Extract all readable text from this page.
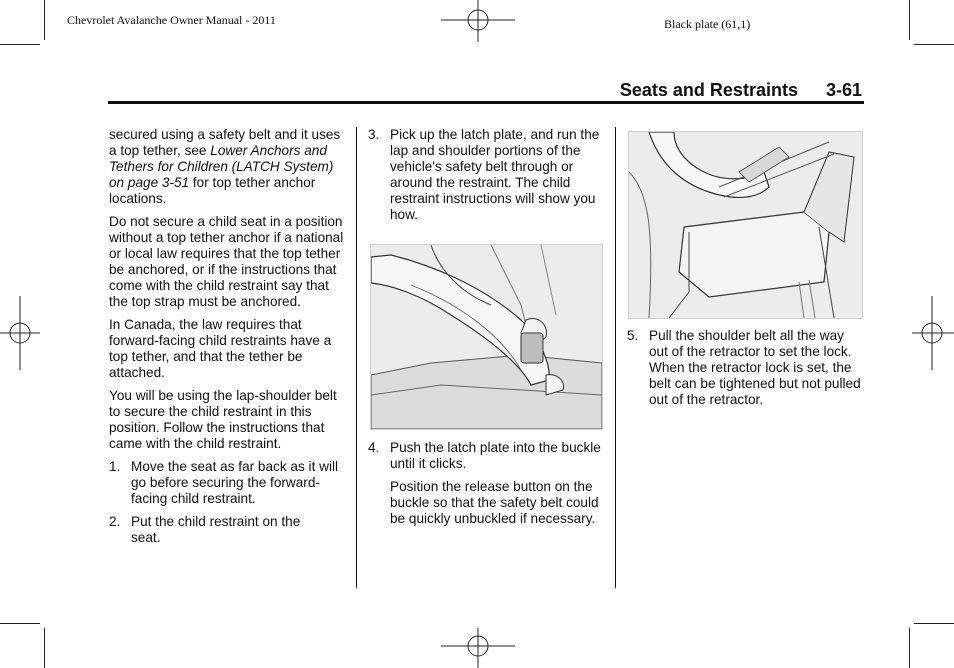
Chevrolet Avalanche Owner Manual - 2011	Black plate (61,1)
Seats and Restraints 3-61

secured using a safety belt and it uses a top tether, see Lower Anchors and Tethers for Children (LATCH System) on page 3-51 for top tether anchor locations.

Do not secure a child seat in a position without a top tether anchor if a national or local law requires that the top tether be anchored, or if the instructions that come with the child restraint say that the top strap must be anchored.

In Canada, the law requires that forward-facing child restraints have a top tether, and that the tether be attached.

You will be using the lap-shoulder belt to secure the child restraint in this position. Follow the instructions that came with the child restraint.

1. Move the seat as far back as it will go before securing the forward-facing child restraint.
2. Put the child restraint on the seat.
3. Pick up the latch plate, and run the lap and shoulder portions of the vehicle's safety belt through or around the restraint. The child restraint instructions will show you how.
4. Push the latch plate into the buckle until it clicks.
Position the release button on the buckle so that the safety belt could be quickly unbuckled if necessary.
5. Pull the shoulder belt all the way out of the retractor to set the lock. When the retractor lock is set, the belt can be tightened but not pulled out of the retractor.
